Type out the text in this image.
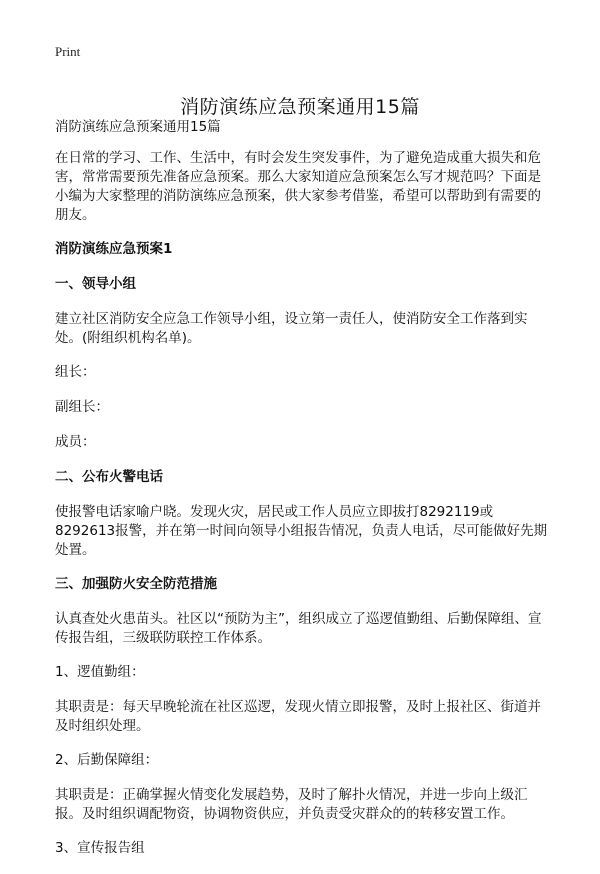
Print
消防演练应急预案通用15篇

消防演练应急预案通用15篇

在日常的学习、工作、生活中，有时会发生突发事件，为了避免造成重大损失和危害，常常需要预先准备应急预案。那么大家知道应急预案怎么写才规范吗？下面是小编为大家整理的消防演练应急预案，供大家参考借鉴，希望可以帮助到有需要的朋友。

消防演练应急预案1

一、领导小组

建立社区消防安全应急工作领导小组，设立第一责任人，使消防安全工作落到实处。(附组织机构名单)。

组长：

副组长：

成员：

二、公布火警电话

使报警电话家喻户晓。发现火灾，居民或工作人员应立即拔打8292119或8292613报警，并在第一时间向领导小组报告情况，负责人电话，尽可能做好先期处置。

三、加强防火安全防范措施

认真查处火患苗头。社区以“预防为主”，组织成立了巡逻值勤组、后勤保障组、宣传报告组，三级联防联控工作体系。

1、逻值勤组：

其职责是：每天早晚轮流在社区巡逻，发现火情立即报警，及时上报社区、街道并及时组织处理。

2、后勤保障组：

其职责是：正确掌握火情变化发展趋势，及时了解扑火情况，并进一步向上级汇报。及时组织调配物资，协调物资供应，并负责受灾群众的的转移安置工作。

3、宣传报告组
